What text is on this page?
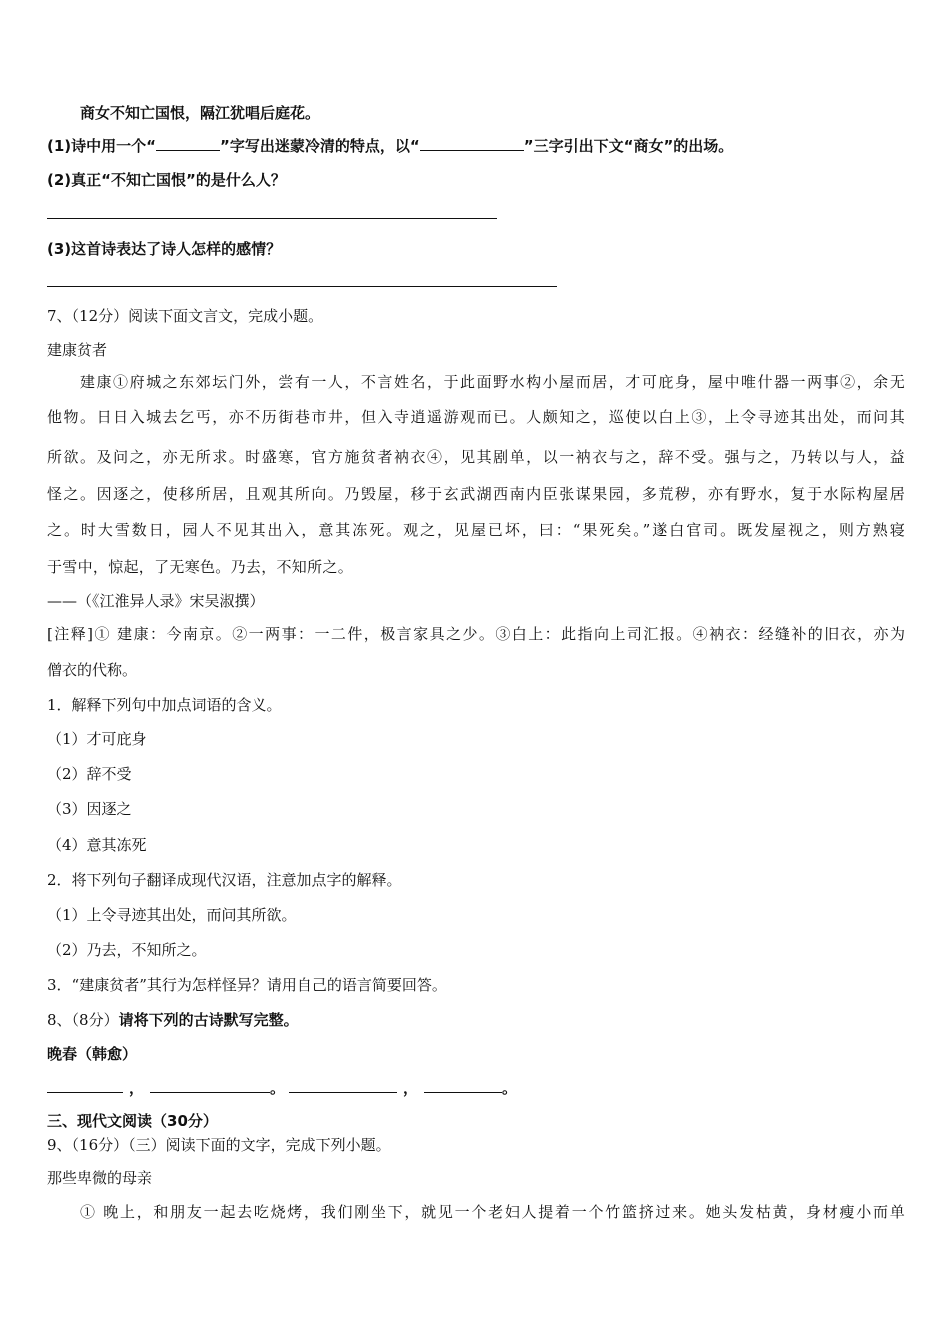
商女不知亡国恨，隔江犹唱后庭花。
(1)诗中用一个“	”字写出迷蒙冷清的特点，以“	”三字引出下文“商女”的出场。
(2)真正“不知亡国恨”的是什么人？
(3)这首诗表达了诗人怎样的感情？
7、（12分）阅读下面文言文，完成小题。
建康贫者
建康①府城之东郊坛门外，尝有一人，不言姓名，于此面野水构小屋而居，才可庇身，屋中唯什器一两事②，余无
他物。日日入城去乞丐，亦不历街巷市井，但入寺逍遥游观而已。人颇知之，巡使以白上③，上令寻迹其出处，而问其
所欲。及问之，亦无所求。时盛寒，官方施贫者衲衣④，见其剧单，以一衲衣与之，辞不受。强与之，乃转以与人，益
怪之。因逐之，使移所居，且观其所向。乃毁屋，移于玄武湖西南内臣张谋果园，多荒秽，亦有野水，复于水际构屋居
之。时大雪数日，园人不见其出入，意其冻死。观之，见屋已坏，曰：“果死矣。”遂白官司。既发屋视之，则方熟寝
于雪中，惊起，了无寒色。乃去，不知所之。
——（《江淮异人录》宋吴淑撰）
[注释]① 建康：今南京。②一两事：一二件，极言家具之少。③白上：此指向上司汇报。④衲衣：经缝补的旧衣，亦为
僧衣的代称。
1．解释下列句中加点词语的含义。
（1）才可庇身
（2）辞不受
（3）因逐之
（4）意其冻死
2．将下列句子翻译成现代汉语，注意加点字的解释。
（1）上令寻迹其出处，而问其所欲。
（2）乃去，不知所之。
3．“建康贫者”其行为怎样怪异？请用自己的语言简要回答。
8、（8分）请将下列的古诗默写完整。
晚春（韩愈）
，	。	，	。
三、现代文阅读（30分）
9、（16分）（三）阅读下面的文字，完成下列小题。
那些卑微的母亲
① 晚上，和朋友一起去吃烧烤，我们刚坐下，就见一个老妇人提着一个竹篮挤过来。她头发枯黄，身材瘦小而单
